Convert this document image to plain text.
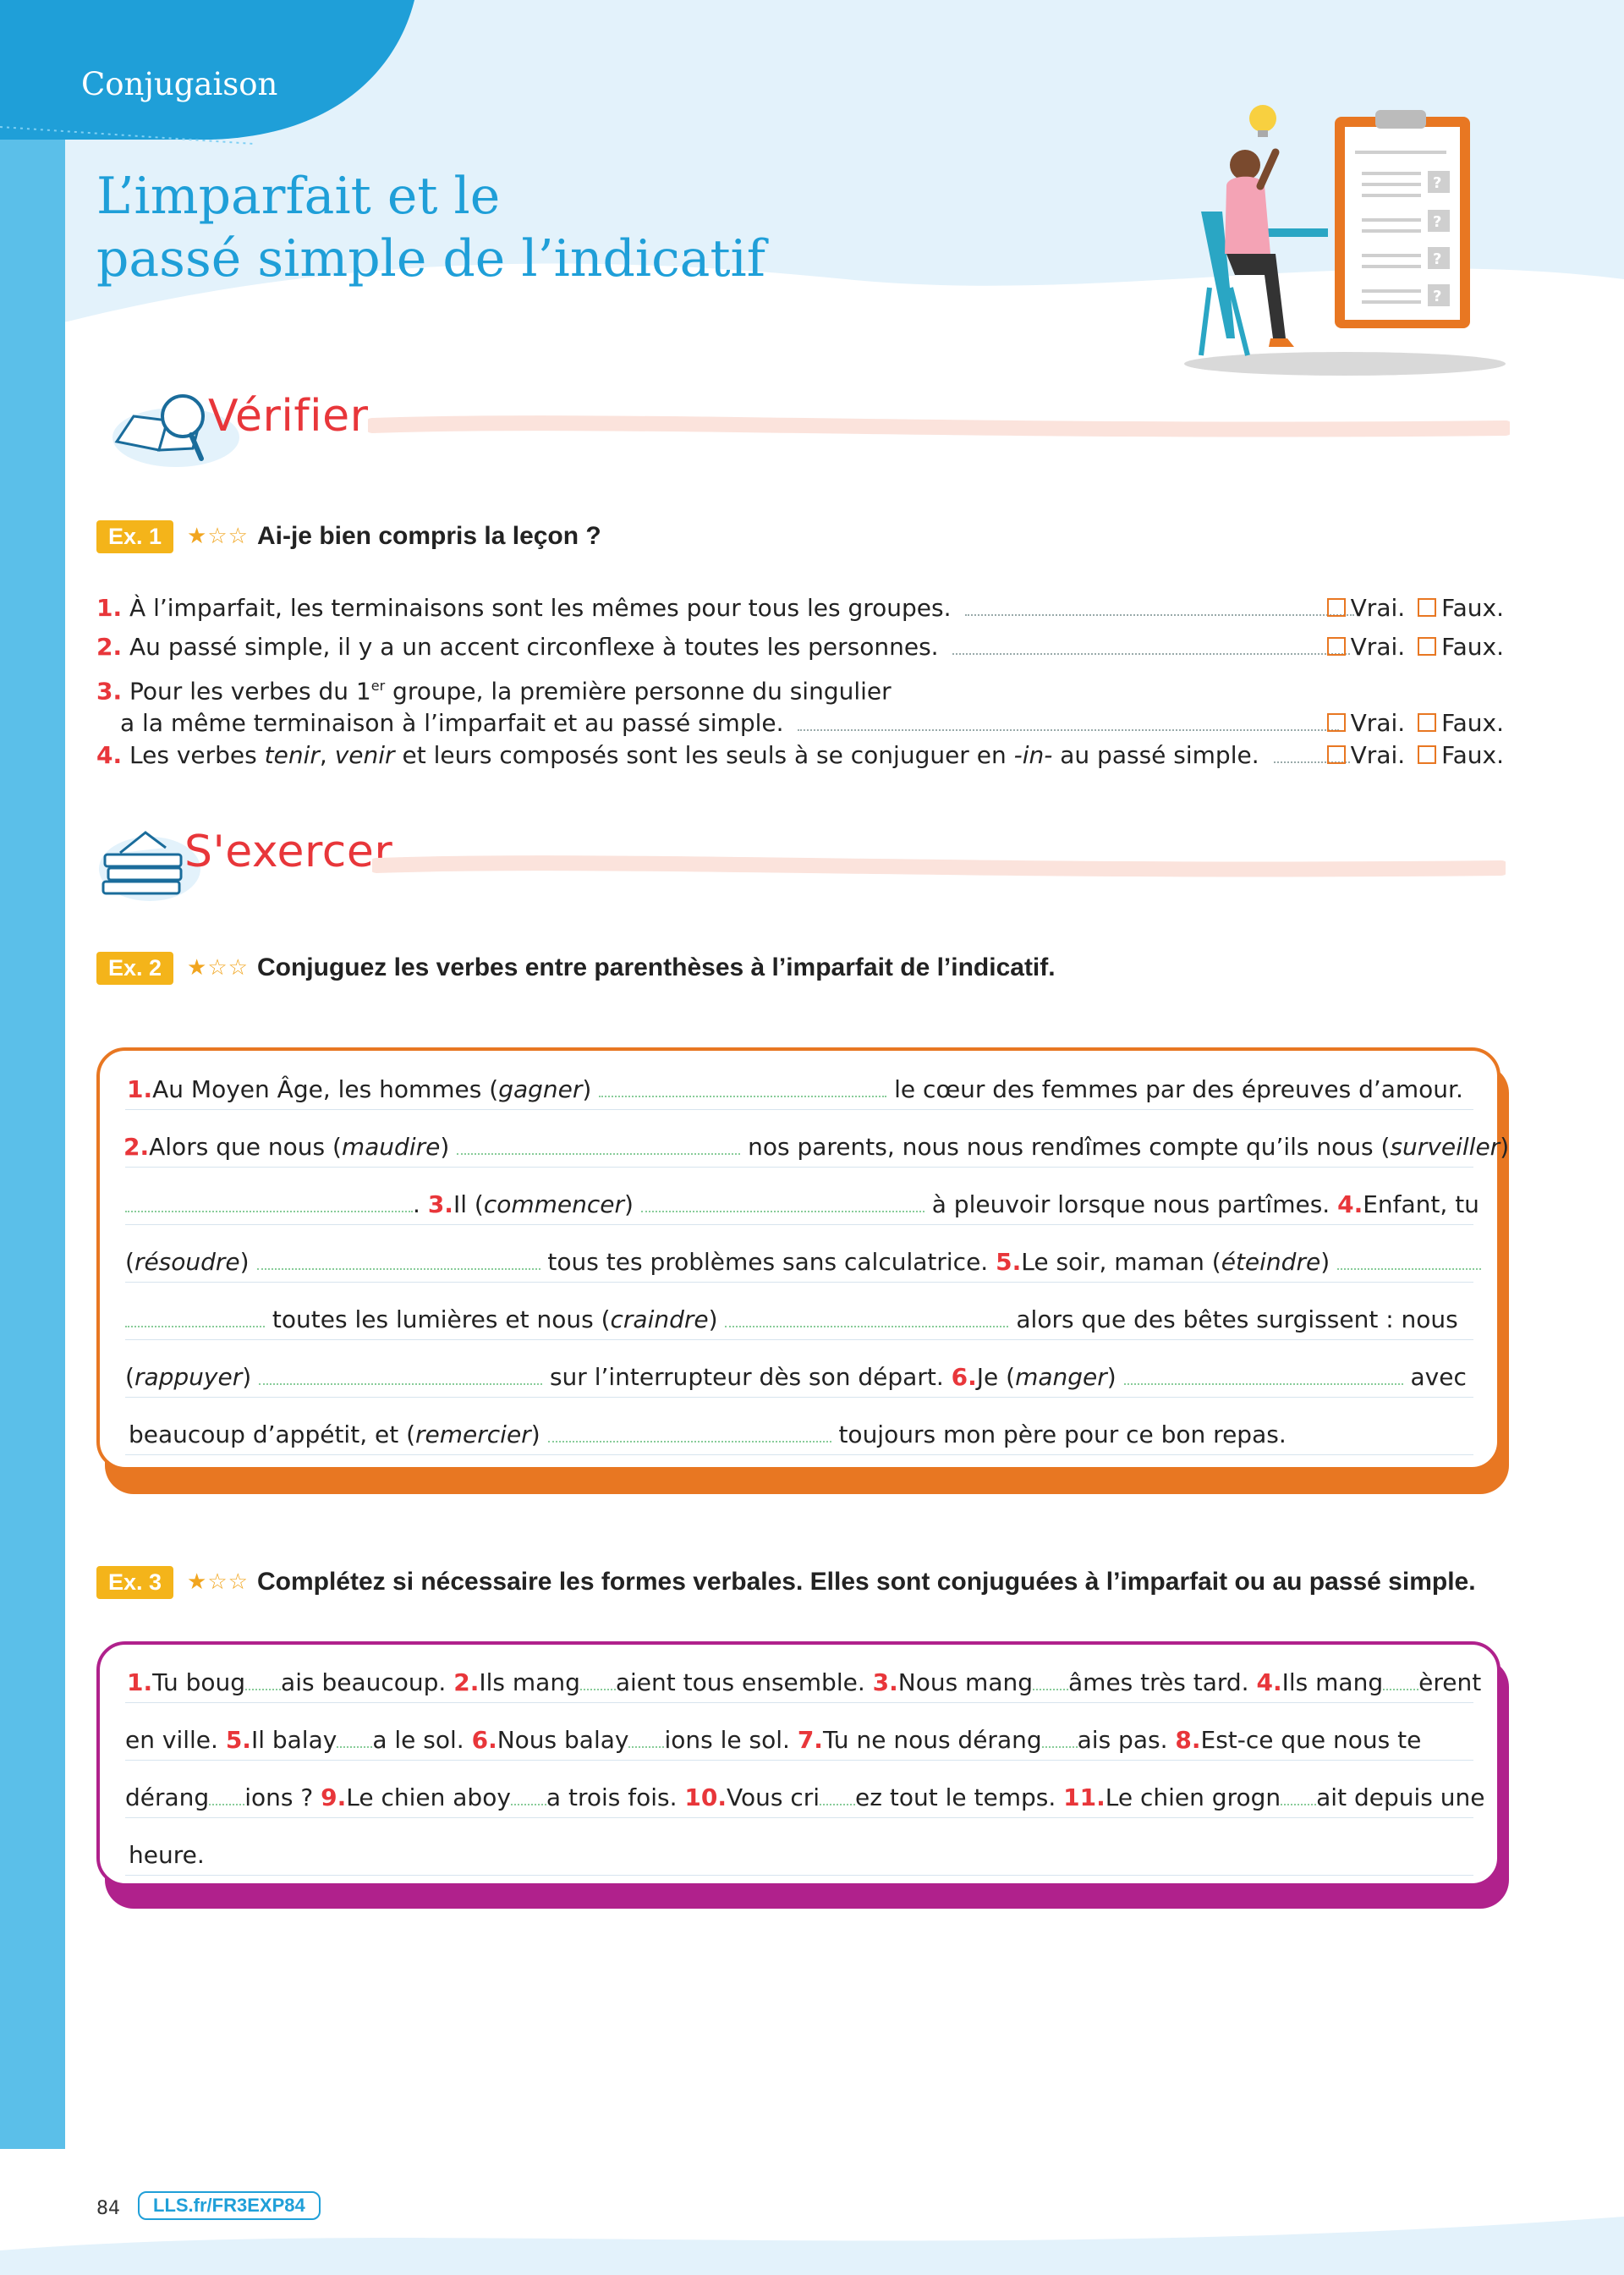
Conjugaison
L’imparfait et le
passé simple de l’indicatif
?
?
?
?
Vérifier
Ex. 1	★☆☆ Ai-je bien compris la leçon ?
1. À l’imparfait, les terminaisons sont les mêmes pour tous les groupes.	Vrai. Faux.
2. Au passé simple, il y a un accent circonflexe à toutes les personnes.	Vrai. Faux.
3. Pour les verbes du 1er groupe, la première personne du singulier
a la même terminaison à l’imparfait et au passé simple.	Vrai. Faux.
4. Les verbes tenir, venir et leurs composés sont les seuls à se conjuguer en -in- au passé simple.	Vrai. Faux.
S'exercer
Ex. 2	★☆☆ Conjuguez les verbes entre parenthèses à l’imparfait de l’indicatif.
1.Au Moyen Âge, les hommes (gagner)	le cœur des femmes par des épreuves d’amour.
2.Alors que nous (maudire)	nos parents, nous nous rendîmes compte qu’ils nous (surveiller)
. 3.Il (commencer)	à pleuvoir lorsque nous partîmes. 4.Enfant, tu
(résoudre)	tous tes problèmes sans calculatrice. 5.Le soir, maman (éteindre)
toutes les lumières et nous (craindre)	alors que des bêtes surgissent : nous
(rappuyer)	sur l’interrupteur dès son départ. 6.Je (manger)	avec
beaucoup d’appétit, et (remercier)	toujours mon père pour ce bon repas.
Ex. 3	★☆☆ Complétez si nécessaire les formes verbales. Elles sont conjuguées à l’imparfait ou au passé simple.
1.Tu boug ais beaucoup. 2.Ils mang aient tous ensemble. 3.Nous mang âmes très tard. 4.Ils mang èrent
en ville. 5.Il balay a le sol. 6.Nous balay ions le sol. 7.Tu ne nous dérang ais pas. 8.Est-ce que nous te
dérang ions ? 9.Le chien aboy a trois fois. 10.Vous cri ez tout le temps. 11.Le chien grogn ait depuis une
heure.
84	LLS.fr/FR3EXP84
